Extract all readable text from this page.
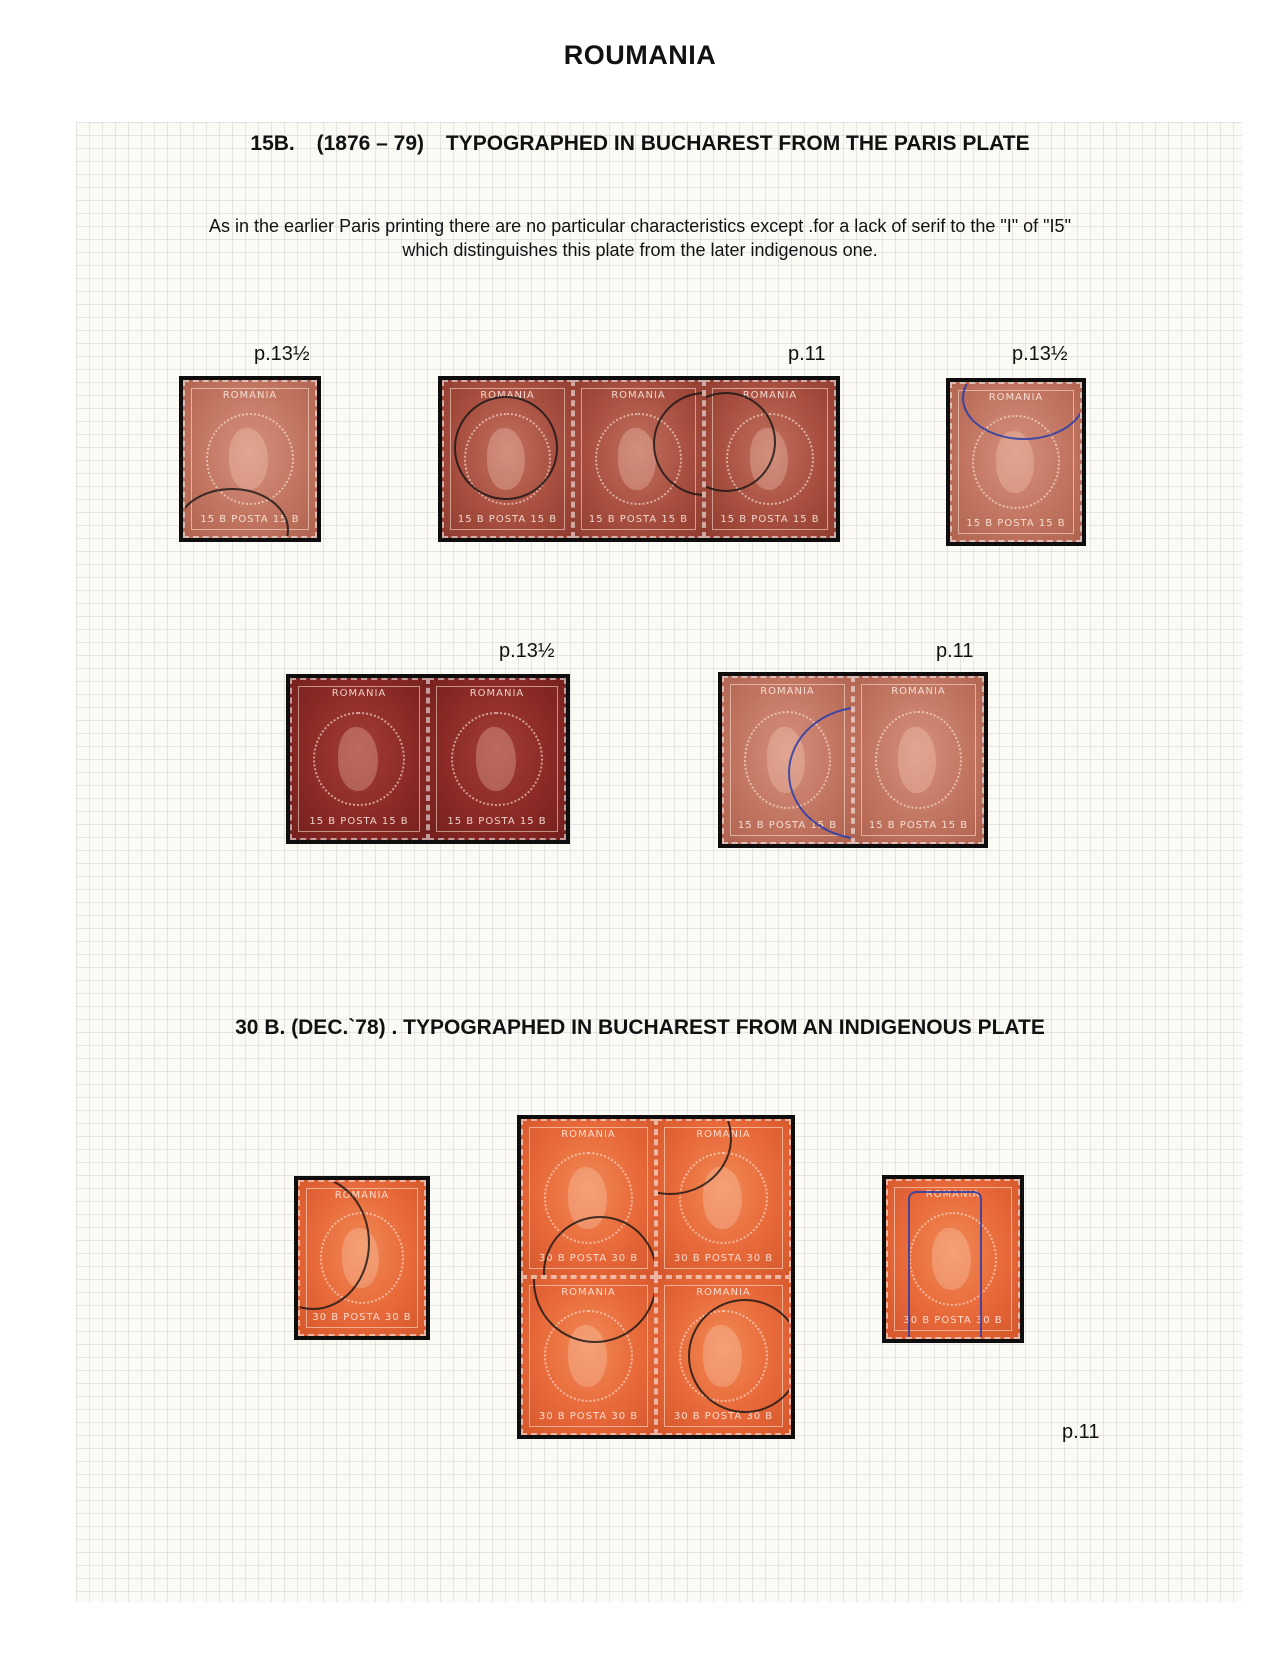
ROUMANIA
15B. (1876 – 79) TYPOGRAPHED IN BUCHAREST FROM THE PARIS PLATE
As in the earlier Paris printing there are no particular characteristics except .for a lack of serif to the "I" of "I5"
which distinguishes this plate from the later indigenous one.
p.13½	p.11	p.13½
ROMANIA
15 B POSTA 15 B
ROMANIA
15 B POSTA 15 B
ROMANIA
15 B POSTA 15 B
ROMANIA
15 B POSTA 15 B
ROMANIA
15 B POSTA 15 B
p.13½	p.11
ROMANIA
15 B POSTA 15 B
ROMANIA
15 B POSTA 15 B
ROMANIA
15 B POSTA 15 B
ROMANIA
15 B POSTA 15 B
30 B. (DEC.`78) . TYPOGRAPHED IN BUCHAREST FROM AN INDIGENOUS PLATE
ROMANIA
30 B POSTA 30 B
ROMANIA
30 B POSTA 30 B
ROMANIA
30 B POSTA 30 B
ROMANIA
30 B POSTA 30 B
ROMANIA
30 B POSTA 30 B
ROMANIA
30 B POSTA 30 B
p.11
